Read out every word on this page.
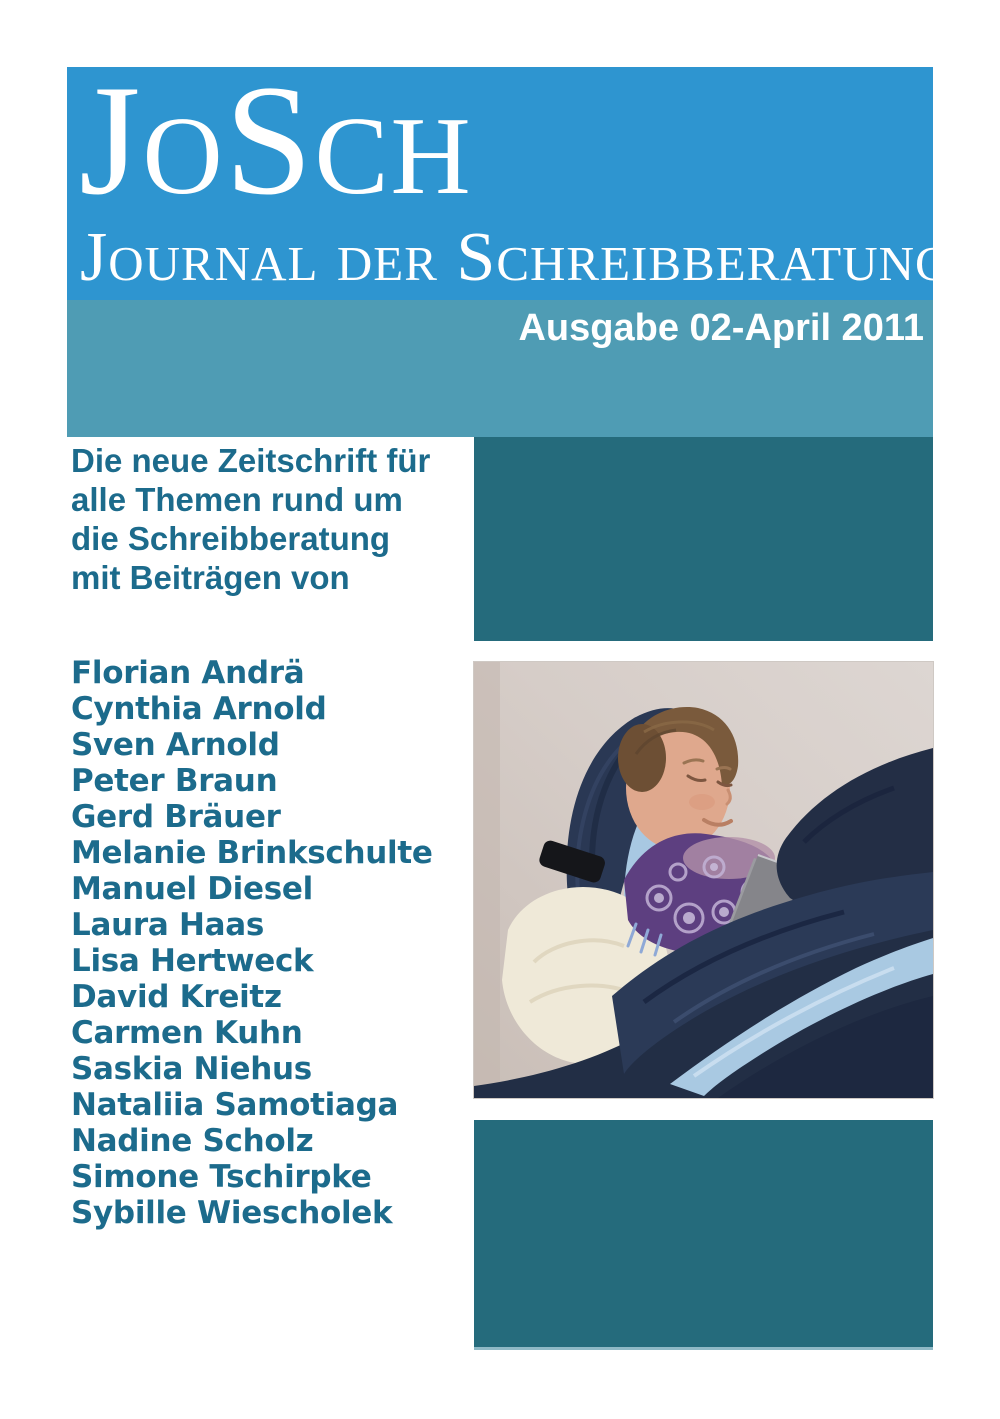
JoSch
Journal der Schreibberatung

Ausgabe 02-April 2011

Die neue Zeitschrift für
alle Themen rund um
die Schreibberatung
mit Beiträgen von
Florian Andrä
Cynthia Arnold
Sven Arnold
Peter Braun
Gerd Bräuer
Melanie Brinkschulte
Manuel Diesel
Laura Haas
Lisa Hertweck
David Kreitz
Carmen Kuhn
Saskia Niehus
Nataliia Samotiaga
Nadine Scholz
Simone Tschirpke
Sybille Wiescholek
